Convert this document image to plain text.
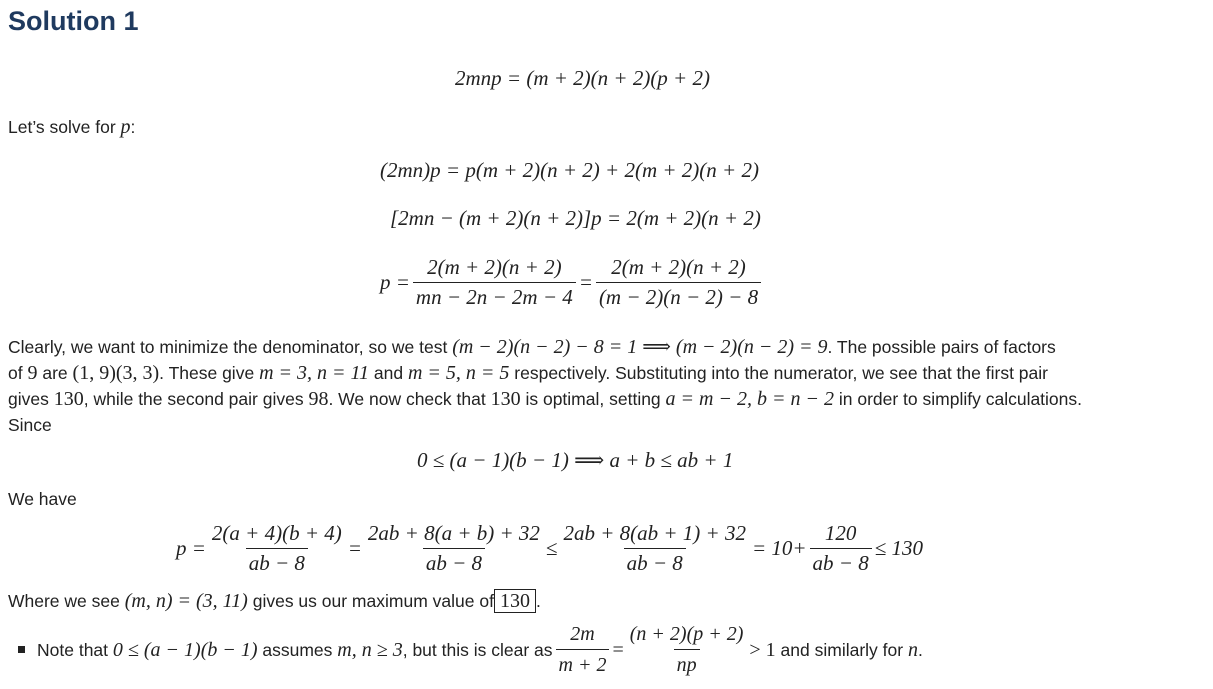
Solution 1
2mnp = (m + 2)(n + 2)(p + 2)
Let’s solve for p:
(2mn)p = p(m + 2)(n + 2) + 2(m + 2)(n + 2)
[2mn − (m + 2)(n + 2)]p = 2(m + 2)(n + 2)
$p = \frac{2(m + 2)(n + 2)}{mn - 2n - 2m - 4} = \frac{2(m + 2)(n + 2)}{(m - 2)(n - 2) - 8}$
Clearly, we want to minimize the denominator, so we test (m − 2)(n − 2) − 8 = 1 ⟹ (m − 2)(n − 2) = 9. The possible pairs of factors
of 9 are (1, 9)(3, 3). These give m = 3, n = 11 and m = 5, n = 5 respectively. Substituting into the numerator, we see that the first pair
gives 130, while the second pair gives 98. We now check that 130 is optimal, setting a = m − 2, b = n − 2 in order to simplify calculations.
Since
0 ≤ (a − 1)(b − 1) ⟹ a + b ≤ ab + 1
We have
$p = \frac{2(a + 4)(b + 4)}{ab - 8} = \frac{2ab + 8(a + b) + 32}{ab - 8} \le \frac{2ab + 8(ab + 1) + 32}{ab - 8} = 10+ \frac{120}{ab - 8} \le 130$
Where we see (m, n) = (3, 11) gives us our maximum value of 130 .
Note that
0 ≤ (a − 1)(b − 1)
assumes
m, n ≥ 3 , but this is clear as $\frac{2m}{m + 2} = \frac{(n + 2)(p + 2)}{np} > 1$
and similarly for
n .
